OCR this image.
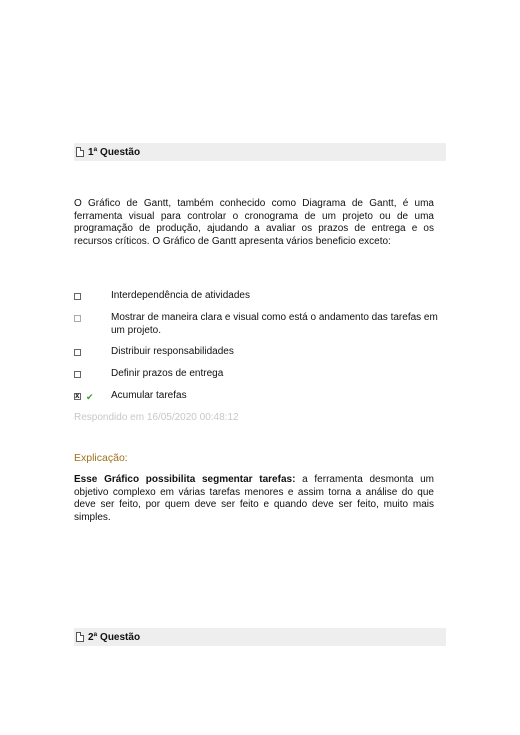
1ª Questão
O Gráfico de Gantt, também conhecido como Diagrama de Gantt, é uma ferramenta visual para controlar o cronograma de um projeto ou de uma programação de produção, ajudando a avaliar os prazos de entrega e os recursos críticos. O Gráfico de Gantt apresenta vários beneficio exceto:
Interdependência de atividades
Mostrar de maneira clara e visual como está o andamento das tarefas em um projeto.
Distribuir responsabilidades
Definir prazos de entrega
x
✔ Acumular tarefas
Respondido em 16/05/2020 00:48:12
Explicação:
Esse Gráfico possibilita segmentar tarefas: a ferramenta desmonta um objetivo complexo em várias tarefas menores e assim torna a análise do que deve ser feito, por quem deve ser feito e quando deve ser feito, muito mais simples.
2ª Questão
